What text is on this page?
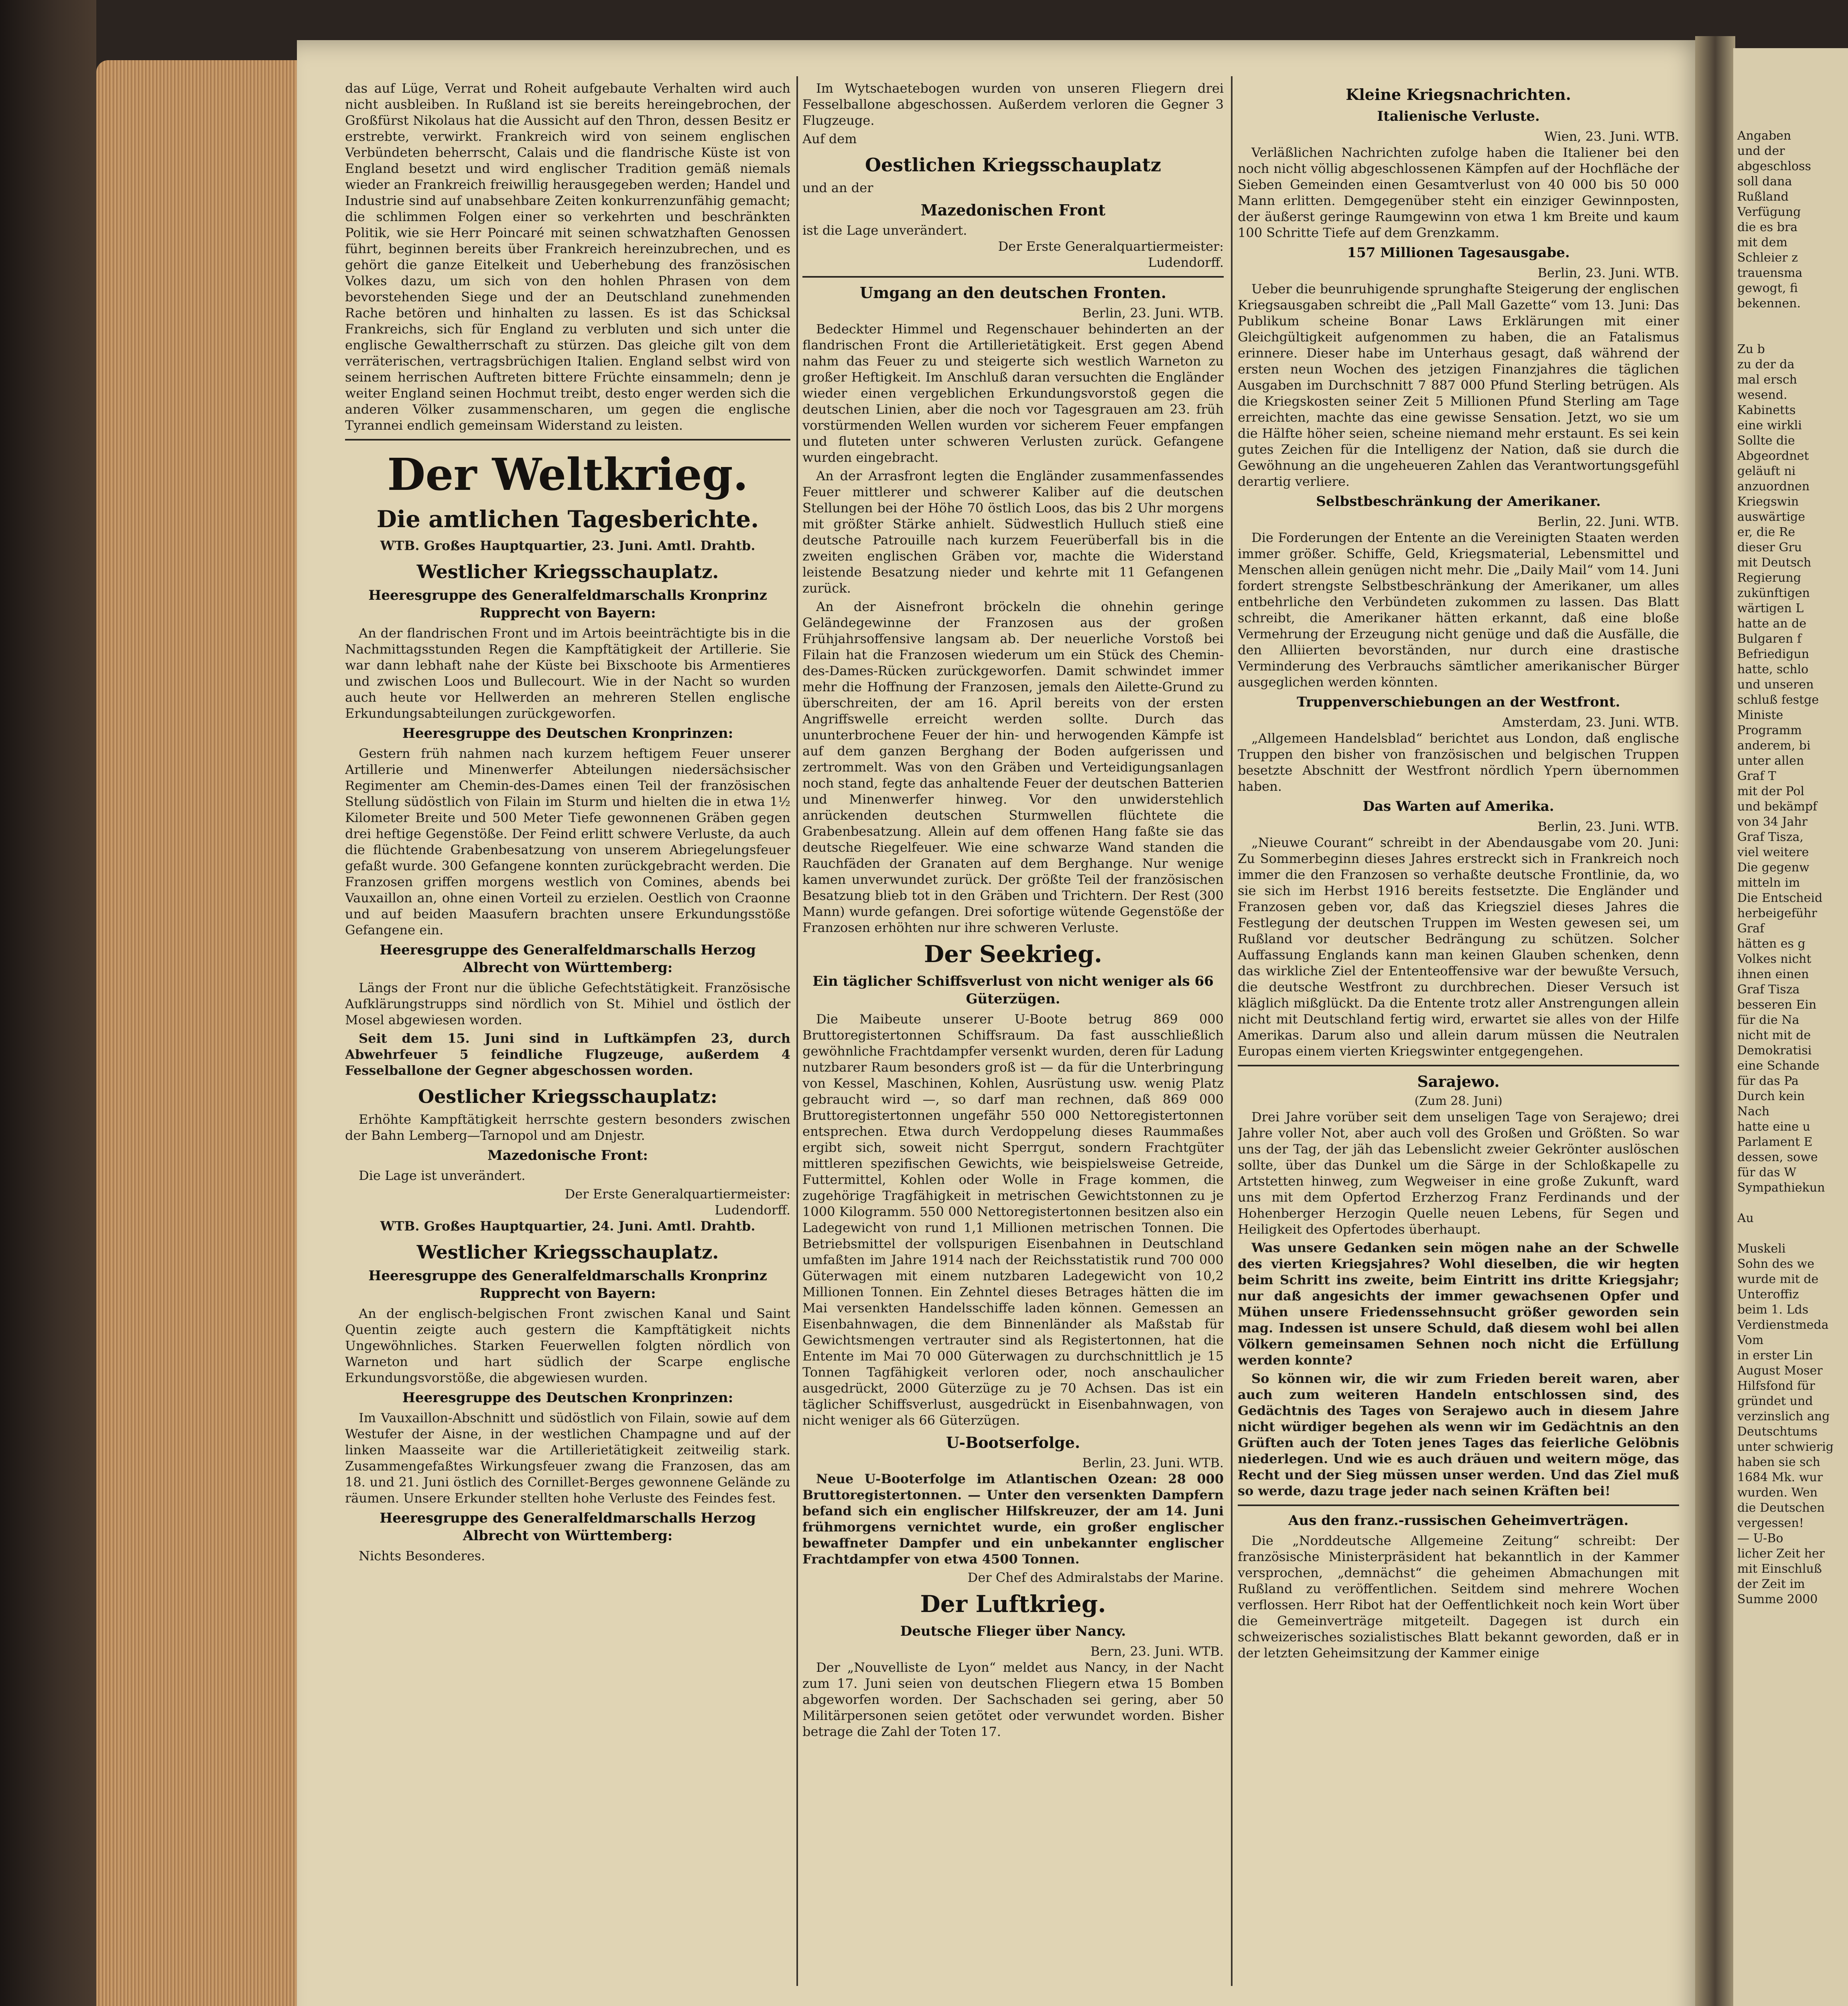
Angaben

und der

abgeschloss

soll dana

Rußland

Verfügung

die es bra

mit dem

Schleier z

trauensma

gewogt, fi

bekennen.

Zu b

zu der da

mal ersch

wesend.

Kabinetts

eine wirkli

Sollte die

Abgeordnet

geläuft ni

anzuordnen

Kriegswin

auswärtige

er, die Re

dieser Gru

mit Deutsch

Regierung

zukünftigen

wärtigen L

hatte an de

Bulgaren f

Befriedigun

hatte, schlo

und unseren

schluß festge

Ministe

Programm

anderem, bi

unter allen

Graf T

mit der Pol

und bekämpf

von 34 Jahr

Graf Tisza,

viel weitere

Die gegenw

mitteln im

Die Entscheid

herbeigeführ

Graf

hätten es g

Volkes nicht

ihnen einen

Graf Tisza

besseren Ein

für die Na

nicht mit de

Demokratisi

eine Schande

für das Pa

Durch kein

Nach

hatte eine u

Parlament E

dessen, sowe

für das W

Sympathiekun

Au

Muskeli

Sohn des we

wurde mit de

Unteroffiz

beim 1. Lds

Verdienstmeda

Vom

in erster Lin

August Moser

Hilfsfond für

gründet und

verzinslich ang

Deutschtums

unter schwierig

haben sie sch

1684 Mk. wur

wurden. Wen

die Deutschen

vergessen!

— U-Bo

licher Zeit her

mit Einschluß

der Zeit im

Summe 2000

das auf Lüge, Verrat und Roheit aufgebaute Verhalten wird auch nicht ausbleiben. In Rußland ist sie bereits hereingebrochen, der Großfürst Nikolaus hat die Aussicht auf den Thron, dessen Besitz er erstrebte, verwirkt. Frankreich wird von seinem englischen Verbündeten beherrscht, Calais und die flandrische Küste ist von England besetzt und wird englischer Tradition gemäß niemals wieder an Frankreich freiwillig herausgegeben werden; Handel und Industrie sind auf unabsehbare Zeiten konkurrenzunfähig gemacht; die schlimmen Folgen einer so verkehrten und beschränkten Politik, wie sie Herr Poincaré mit seinen schwatzhaften Genossen führt, beginnen bereits über Frankreich hereinzubrechen, und es gehört die ganze Eitelkeit und Ueberhebung des französischen Volkes dazu, um sich von den hohlen Phrasen von dem bevorstehenden Siege und der an Deutschland zunehmenden Rache betören und hinhalten zu lassen. Es ist das Schicksal Frankreichs, sich für England zu verbluten und sich unter die englische Gewaltherrschaft zu stürzen. Das gleiche gilt von dem verräterischen, vertragsbrüchigen Italien. England selbst wird von seinem herrischen Auftreten bittere Früchte einsammeln; denn je weiter England seinen Hochmut treibt, desto enger werden sich die anderen Völker zusammenscharen, um gegen die englische Tyrannei endlich gemeinsam Widerstand zu leisten.

Der Weltkrieg.
Die amtlichen Tagesberichte.
WTB. Großes Hauptquartier, 23. Juni. Amtl. Drahtb.
Westlicher Kriegsschauplatz.
Heeresgruppe des Generalfeldmarschalls Kronprinz Rupprecht von Bayern:

An der flandrischen Front und im Artois beeinträchtigte bis in die Nachmittagsstunden Regen die Kampftätigkeit der Artillerie. Sie war dann lebhaft nahe der Küste bei Bixschoote bis Armentieres und zwischen Loos und Bullecourt. Wie in der Nacht so wurden auch heute vor Hellwerden an mehreren Stellen englische Erkundungsabteilungen zurückgeworfen.

Heeresgruppe des Deutschen Kronprinzen:

Gestern früh nahmen nach kurzem heftigem Feuer unserer Artillerie und Minenwerfer Abteilungen niedersächsischer Regimenter am Chemin-des-Dames einen Teil der französischen Stellung südöstlich von Filain im Sturm und hielten die in etwa 1½ Kilometer Breite und 500 Meter Tiefe gewonnenen Gräben gegen drei heftige Gegenstöße. Der Feind erlitt schwere Verluste, da auch die flüchtende Grabenbesatzung von unserem Abriegelungsfeuer gefaßt wurde. 300 Gefangene konnten zurückgebracht werden. Die Franzosen griffen morgens westlich von Comines, abends bei Vauxaillon an, ohne einen Vorteil zu erzielen. Oestlich von Craonne und auf beiden Maasufern brachten unsere Erkundungsstöße Gefangene ein.

Heeresgruppe des Generalfeldmarschalls Herzog Albrecht von Württemberg:

Längs der Front nur die übliche Gefechtstätigkeit. Französische Aufklärungstrupps sind nördlich von St. Mihiel und östlich der Mosel abgewiesen worden.

Seit dem 15. Juni sind in Luftkämpfen 23, durch Abwehrfeuer 5 feindliche Flugzeuge, außerdem 4 Fesselballone der Gegner abgeschossen worden.

Oestlicher Kriegsschauplatz:

Erhöhte Kampftätigkeit herrschte gestern besonders zwischen der Bahn Lemberg—Tarnopol und am Dnjestr.

Mazedonische Front:

Die Lage ist unverändert.

Der Erste Generalquartiermeister:
Ludendorff.
WTB. Großes Hauptquartier, 24. Juni. Amtl. Drahtb.
Westlicher Kriegsschauplatz.
Heeresgruppe des Generalfeldmarschalls Kronprinz Rupprecht von Bayern:

An der englisch-belgischen Front zwischen Kanal und Saint Quentin zeigte auch gestern die Kampftätigkeit nichts Ungewöhnliches. Starken Feuerwellen folgten nördlich von Warneton und hart südlich der Scarpe englische Erkundungsvorstöße, die abgewiesen wurden.

Heeresgruppe des Deutschen Kronprinzen:

Im Vauxaillon-Abschnitt und südöstlich von Filain, sowie auf dem Westufer der Aisne, in der westlichen Champagne und auf der linken Maasseite war die Artillerietätigkeit zeitweilig stark. Zusammengefaßtes Wirkungsfeuer zwang die Franzosen, das am 18. und 21. Juni östlich des Cornillet-Berges gewonnene Gelände zu räumen. Unsere Erkunder stellten hohe Verluste des Feindes fest.

Heeresgruppe des Generalfeldmarschalls Herzog Albrecht von Württemberg:

Nichts Besonderes.

Im Wytschaetebogen wurden von unseren Fliegern drei Fesselballone abgeschossen. Außerdem verloren die Gegner 3 Flugzeuge.

Auf dem
Oestlichen Kriegsschauplatz
und an der
Mazedonischen Front
ist die Lage unverändert.
Der Erste Generalquartiermeister:
Ludendorff.
Umgang an den deutschen Fronten.
Berlin, 23. Juni. WTB.

Bedeckter Himmel und Regenschauer behinderten an der flandrischen Front die Artillerietätigkeit. Erst gegen Abend nahm das Feuer zu und steigerte sich westlich Warneton zu großer Heftigkeit. Im Anschluß daran versuchten die Engländer wieder einen vergeblichen Erkundungsvorstoß gegen die deutschen Linien, aber die noch vor Tagesgrauen am 23. früh vorstürmenden Wellen wurden vor sicherem Feuer empfangen und fluteten unter schweren Verlusten zurück. Gefangene wurden eingebracht.

An der Arrasfront legten die Engländer zusammenfassendes Feuer mittlerer und schwerer Kaliber auf die deutschen Stellungen bei der Höhe 70 östlich Loos, das bis 2 Uhr morgens mit größter Stärke anhielt. Südwestlich Hulluch stieß eine deutsche Patrouille nach kurzem Feuerüberfall bis in die zweiten englischen Gräben vor, machte die Widerstand leistende Besatzung nieder und kehrte mit 11 Gefangenen zurück.

An der Aisnefront bröckeln die ohnehin geringe Geländegewinne der Franzosen aus der großen Frühjahrsoffensive langsam ab. Der neuerliche Vorstoß bei Filain hat die Franzosen wiederum um ein Stück des Chemin-des-Dames-Rücken zurückgeworfen. Damit schwindet immer mehr die Hoffnung der Franzosen, jemals den Ailette-Grund zu überschreiten, der am 16. April bereits von der ersten Angriffswelle erreicht werden sollte. Durch das ununterbrochene Feuer der hin- und herwogenden Kämpfe ist auf dem ganzen Berghang der Boden aufgerissen und zertrommelt. Was von den Gräben und Verteidigungsanlagen noch stand, fegte das anhaltende Feuer der deutschen Batterien und Minenwerfer hinweg. Vor den unwiderstehlich anrückenden deutschen Sturmwellen flüchtete die Grabenbesatzung. Allein auf dem offenen Hang faßte sie das deutsche Riegelfeuer. Wie eine schwarze Wand standen die Rauchfäden der Granaten auf dem Berghange. Nur wenige kamen unverwundet zurück. Der größte Teil der französischen Besatzung blieb tot in den Gräben und Trichtern. Der Rest (300 Mann) wurde gefangen. Drei sofortige wütende Gegenstöße der Franzosen erhöhten nur ihre schweren Verluste.

Der Seekrieg.
Ein täglicher Schiffsverlust von nicht weniger als 66 Güterzügen.

Die Maibeute unserer U-Boote betrug 869 000 Bruttoregistertonnen Schiffsraum. Da fast ausschließlich gewöhnliche Frachtdampfer versenkt wurden, deren für Ladung nutzbarer Raum besonders groß ist — da für die Unterbringung von Kessel, Maschinen, Kohlen, Ausrüstung usw. wenig Platz gebraucht wird —, so darf man rechnen, daß 869 000 Bruttoregistertonnen ungefähr 550 000 Nettoregistertonnen entsprechen. Etwa durch Verdoppelung dieses Raummaßes ergibt sich, soweit nicht Sperrgut, sondern Frachtgüter mittleren spezifischen Gewichts, wie beispielsweise Getreide, Futtermittel, Kohlen oder Wolle in Frage kommen, die zugehörige Tragfähigkeit in metrischen Gewichtstonnen zu je 1000 Kilogramm. 550 000 Nettoregistertonnen besitzen also ein Ladegewicht von rund 1,1 Millionen metrischen Tonnen. Die Betriebsmittel der vollspurigen Eisenbahnen in Deutschland umfaßten im Jahre 1914 nach der Reichsstatistik rund 700 000 Güterwagen mit einem nutzbaren Ladegewicht von 10,2 Millionen Tonnen. Ein Zehntel dieses Betrages hätten die im Mai versenkten Handelsschiffe laden können. Gemessen an Eisenbahnwagen, die dem Binnenländer als Maßstab für Gewichtsmengen vertrauter sind als Registertonnen, hat die Entente im Mai 70 000 Güterwagen zu durchschnittlich je 15 Tonnen Tagfähigkeit verloren oder, noch anschaulicher ausgedrückt, 2000 Güterzüge zu je 70 Achsen. Das ist ein täglicher Schiffsverlust, ausgedrückt in Eisenbahnwagen, von nicht weniger als 66 Güterzügen.

U-Bootserfolge.
Berlin, 23. Juni. WTB.

Neue U-Booterfolge im Atlantischen Ozean: 28 000 Bruttoregistertonnen. — Unter den versenkten Dampfern befand sich ein englischer Hilfskreuzer, der am 14. Juni frühmorgens vernichtet wurde, ein großer englischer bewaffneter Dampfer und ein unbekannter englischer Frachtdampfer von etwa 4500 Tonnen.

Der Chef des Admiralstabs der Marine.
Der Luftkrieg.
Deutsche Flieger über Nancy.
Bern, 23. Juni. WTB.

Der „Nouvelliste de Lyon“ meldet aus Nancy, in der Nacht zum 17. Juni seien von deutschen Fliegern etwa 15 Bomben abgeworfen worden. Der Sachschaden sei gering, aber 50 Militärpersonen seien getötet oder verwundet worden. Bisher betrage die Zahl der Toten 17.

Kleine Kriegsnachrichten.
Italienische Verluste.
Wien, 23. Juni. WTB.

Verläßlichen Nachrichten zufolge haben die Italiener bei den noch nicht völlig abgeschlossenen Kämpfen auf der Hochfläche der Sieben Gemeinden einen Gesamtverlust von 40 000 bis 50 000 Mann erlitten. Demgegenüber steht ein einziger Gewinnposten, der äußerst geringe Raumgewinn von etwa 1 km Breite und kaum 100 Schritte Tiefe auf dem Grenzkamm.

157 Millionen Tagesausgabe.
Berlin, 23. Juni. WTB.

Ueber die beunruhigende sprunghafte Steigerung der englischen Kriegsausgaben schreibt die „Pall Mall Gazette“ vom 13. Juni: Das Publikum scheine Bonar Laws Erklärungen mit einer Gleichgültigkeit aufgenommen zu haben, die an Fatalismus erinnere. Dieser habe im Unterhaus gesagt, daß während der ersten neun Wochen des jetzigen Finanzjahres die täglichen Ausgaben im Durchschnitt 7 887 000 Pfund Sterling betrügen. Als die Kriegskosten seiner Zeit 5 Millionen Pfund Sterling am Tage erreichten, machte das eine gewisse Sensation. Jetzt, wo sie um die Hälfte höher seien, scheine niemand mehr erstaunt. Es sei kein gutes Zeichen für die Intelligenz der Nation, daß sie durch die Gewöhnung an die ungeheueren Zahlen das Verantwortungsgefühl derartig verliere.

Selbstbeschränkung der Amerikaner.
Berlin, 22. Juni. WTB.

Die Forderungen der Entente an die Vereinigten Staaten werden immer größer. Schiffe, Geld, Kriegsmaterial, Lebensmittel und Menschen allein genügen nicht mehr. Die „Daily Mail“ vom 14. Juni fordert strengste Selbstbeschränkung der Amerikaner, um alles entbehrliche den Verbündeten zukommen zu lassen. Das Blatt schreibt, die Amerikaner hätten erkannt, daß eine bloße Vermehrung der Erzeugung nicht genüge und daß die Ausfälle, die den Alliierten bevorständen, nur durch eine drastische Verminderung des Verbrauchs sämtlicher amerikanischer Bürger ausgeglichen werden könnten.

Truppenverschiebungen an der Westfront.
Amsterdam, 23. Juni. WTB.

„Allgemeen Handelsblad“ berichtet aus London, daß englische Truppen den bisher von französischen und belgischen Truppen besetzte Abschnitt der Westfront nördlich Ypern übernommen haben.

Das Warten auf Amerika.
Berlin, 23. Juni. WTB.

„Nieuwe Courant“ schreibt in der Abendausgabe vom 20. Juni: Zu Sommerbeginn dieses Jahres erstreckt sich in Frankreich noch immer die den Franzosen so verhaßte deutsche Frontlinie, da, wo sie sich im Herbst 1916 bereits festsetzte. Die Engländer und Franzosen geben vor, daß das Kriegsziel dieses Jahres die Festlegung der deutschen Truppen im Westen gewesen sei, um Rußland vor deutscher Bedrängung zu schützen. Solcher Auffassung Englands kann man keinen Glauben schenken, denn das wirkliche Ziel der Ententeoffensive war der bewußte Versuch, die deutsche Westfront zu durchbrechen. Dieser Versuch ist kläglich mißglückt. Da die Entente trotz aller Anstrengungen allein nicht mit Deutschland fertig wird, erwartet sie alles von der Hilfe Amerikas. Darum also und allein darum müssen die Neutralen Europas einem vierten Kriegswinter entgegengehen.

Sarajewo.
(Zum 28. Juni)

Drei Jahre vorüber seit dem unseligen Tage von Serajewo; drei Jahre voller Not, aber auch voll des Großen und Größten. So war uns der Tag, der jäh das Lebenslicht zweier Gekrönter auslöschen sollte, über das Dunkel um die Särge in der Schloßkapelle zu Artstetten hinweg, zum Wegweiser in eine große Zukunft, ward uns mit dem Opfertod Erzherzog Franz Ferdinands und der Hohenberger Herzogin Quelle neuen Lebens, für Segen und Heiligkeit des Opfertodes überhaupt.

Was unsere Gedanken sein mögen nahe an der Schwelle des vierten Kriegsjahres? Wohl dieselben, die wir hegten beim Schritt ins zweite, beim Eintritt ins dritte Kriegsjahr; nur daß angesichts der immer gewachsenen Opfer und Mühen unsere Friedenssehnsucht größer geworden sein mag. Indessen ist unsere Schuld, daß diesem wohl bei allen Völkern gemeinsamen Sehnen noch nicht die Erfüllung werden konnte?

So können wir, die wir zum Frieden bereit waren, aber auch zum weiteren Handeln entschlossen sind, des Gedächtnis des Tages von Serajewo auch in diesem Jahre nicht würdiger begehen als wenn wir im Gedächtnis an den Grüften auch der Toten jenes Tages das feierliche Gelöbnis niederlegen. Und wie es auch dräuen und weitern möge, das Recht und der Sieg müssen unser werden. Und das Ziel muß so werde, dazu trage jeder nach seinen Kräften bei!

Aus den franz.-russischen Geheimverträgen.

Die „Norddeutsche Allgemeine Zeitung“ schreibt: Der französische Ministerpräsident hat bekanntlich in der Kammer versprochen, „demnächst“ die geheimen Abmachungen mit Rußland zu veröffentlichen. Seitdem sind mehrere Wochen verflossen. Herr Ribot hat der Oeffentlichkeit noch kein Wort über die Gemeinverträge mitgeteilt. Dagegen ist durch ein schweizerisches sozialistisches Blatt bekannt geworden, daß er in der letzten Geheimsitzung der Kammer einige
